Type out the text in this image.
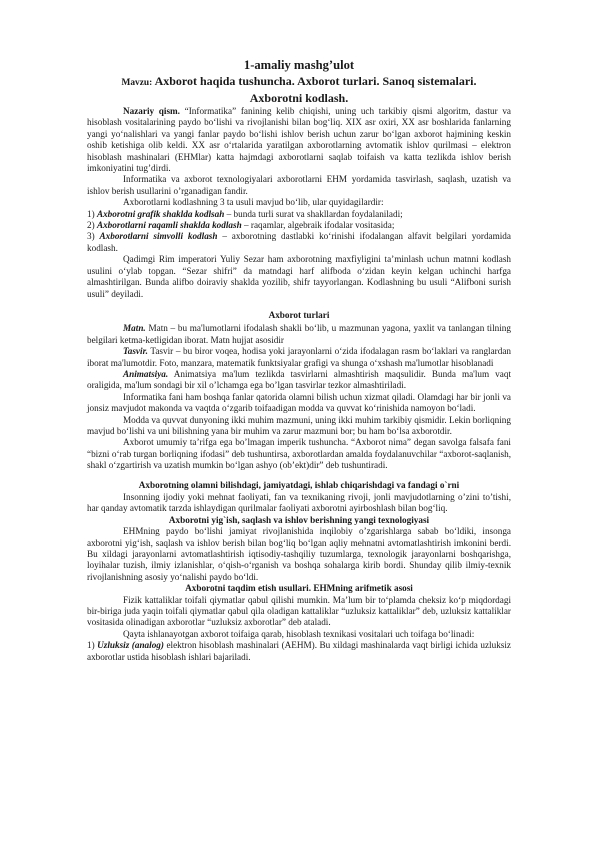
1-amaliy mashg’ulot

Mavzu: Axborot haqida tushuncha. Axborot turlari. Sanoq sistemalari.

Axborotni kodlash.

Nazariy qism. “Informatika” fanining kelib chiqishi, uning uch tarkibiy qismi algoritm, dastur va hisoblash vositalarining paydo bo‘lishi va rivojlanishi bilan bog‘liq. XIX asr oxiri, XX asr boshlarida fanlarning yangi yo‘nalishlari va yangi fanlar paydo bo‘lishi ishlov berish uchun zarur bo‘lgan axborot hajmining keskin oshib ketishiga olib keldi. XX asr o‘rtalarida yaratilgan axborotlarning avtomatik ishlov qurilmasi – elektron hisoblash mashinalari (EHMlar) katta hajmdagi axborotlarni saqlab toifaish va katta tezlikda ishlov berish imkoniyatini tug’dirdi.

Informatika va axborot texnologiyalari axborotlarni EHM yordamida tasvirlash, saqlash, uzatish va ishlov berish usullarini o’rganadigan fandir.

Axborotlarni kodlashning 3 ta usuli mavjud bo‘lib, ular quyidagilardir:

1) Axborotni grafik shaklda kodlsah – bunda turli surat va shakllardan foydalaniladi;

2) Axborotlarni raqamli shaklda kodlash – raqamlar, algebraik ifodalar vositasida;

3) Axborotlarni simvolli kodlash – axborotning dastlabki ko‘rinishi ifodalangan alfavit belgilari yordamida kodlash.

Qadimgi Rim imperatori Yuliy Sezar ham axborotning maxfiyligini ta’minlash uchun matnni kodlash usulini o‘ylab topgan. “Sezar shifri” da matndagi harf alifboda o‘zidan keyin kelgan uchinchi harfga almashtirilgan. Bunda alifbo doiraviy shaklda yozilib, shifr tayyorlangan. Kodlashning bu usuli “Alifboni surish usuli” deyiladi.

Axborot turlari

Matn. Matn – bu ma'lumotlarni ifodalash shakli bo‘lib, u mazmunan yagona, yaxlit va tanlangan tilning belgilari ketma-ketligidan iborat. Matn hujjat asosidir

Tasvir. Tasvir – bu biror voqea, hodisa yoki jarayonlarni o‘zida ifodalagan rasm bo‘laklari va ranglardan iborat ma'lumotdir. Foto, manzara, matematik funktsiyalar grafigi va shunga o‘xshash ma'lumotlar hisoblanadi

Animatsiya. Animatsiya ma'lum tezlikda tasvirlarni almashtirish maqsulidir. Bunda ma'lum vaqt oraligida, ma'lum sondagi bir xil o’lchamga ega bo’lgan tasvirlar tezkor almashtiriladi.

Informatika fani ham boshqa fanlar qatorida olamni bilish uchun xizmat qiladi. Olamdagi har bir jonli va jonsiz mavjudot makonda va vaqtda o‘zgarib toifaadigan modda va quvvat ko‘rinishida namoyon bo‘ladi.

Modda va quvvat dunyoning ikki muhim mazmuni, uning ikki muhim tarkibiy qismidir. Lekin borliqning mavjud bo‘lishi va uni bilishning yana bir muhim va zarur mazmuni bor; bu ham bo‘lsa axborotdir.

Axborot umumiy ta’rifga ega bo’lmagan imperik tushuncha. “Axborot nima” degan savolga falsafa fani “bizni o‘rab turgan borliqning ifodasi” deb tushuntirsa, axborotlardan amalda foydalanuvchilar “axborot-saqlanish, shakl o‘zgartirish va uzatish mumkin bo‘lgan ashyo (ob’ekt)dir” deb tushuntiradi.

Axborotning olamni bilishdagi, jamiyatdagi, ishlab chiqarishdagi va fandagi o`rni

Insonning ijodiy yoki mehnat faoliyati, fan va texnikaning rivoji, jonli mavjudotlarning o’zini to’tishi, har qanday avtomatik tarzda ishlaydigan qurilmalar faoliyati axborotni ayirboshlash bilan bog‘liq.

Axborotni yig`ish, saqlash va ishlov berishning yangi texnologiyasi

EHMning paydo bo‘lishi jamiyat rivojlanishida inqilobiy o’zgarishlarga sabab bo‘ldiki, insonga axborotni yig‘ish, saqlash va ishlov berish bilan bog‘liq bo‘lgan aqliy mehnatni avtomatlashtirish imkonini berdi. Bu xildagi jarayonlarni avtomatlashtirish iqtisodiy-tashqiliy tuzumlarga, texnologik jarayonlarni boshqarishga, loyihalar tuzish, ilmiy izlanishlar, o‘qish-o‘rganish va boshqa sohalarga kirib bordi. Shunday qilib ilmiy-texnik rivojlanishning asosiy yo‘nalishi paydo bo‘ldi.

Axborotni taqdim etish usullari. EHMning arifmetik asosi

Fizik kattaliklar toifali qiymatlar qabul qilishi mumkin. Ma’lum bir to‘plamda cheksiz ko‘p miqdordagi bir-biriga juda yaqin toifali qiymatlar qabul qila oladigan kattaliklar “uzluksiz kattaliklar” deb, uzluksiz kattaliklar vositasida olinadigan axborotlar “uzluksiz axborotlar” deb ataladi.

Qayta ishlanayotgan axborot toifaiga qarab, hisoblash texnikasi vositalari uch toifaga bo‘linadi:

1) Uzluksiz (analog) elektron hisoblash mashinalari (AEHM). Bu xildagi mashinalarda vaqt birligi ichida uzluksiz axborotlar ustida hisoblash ishlari bajariladi.
